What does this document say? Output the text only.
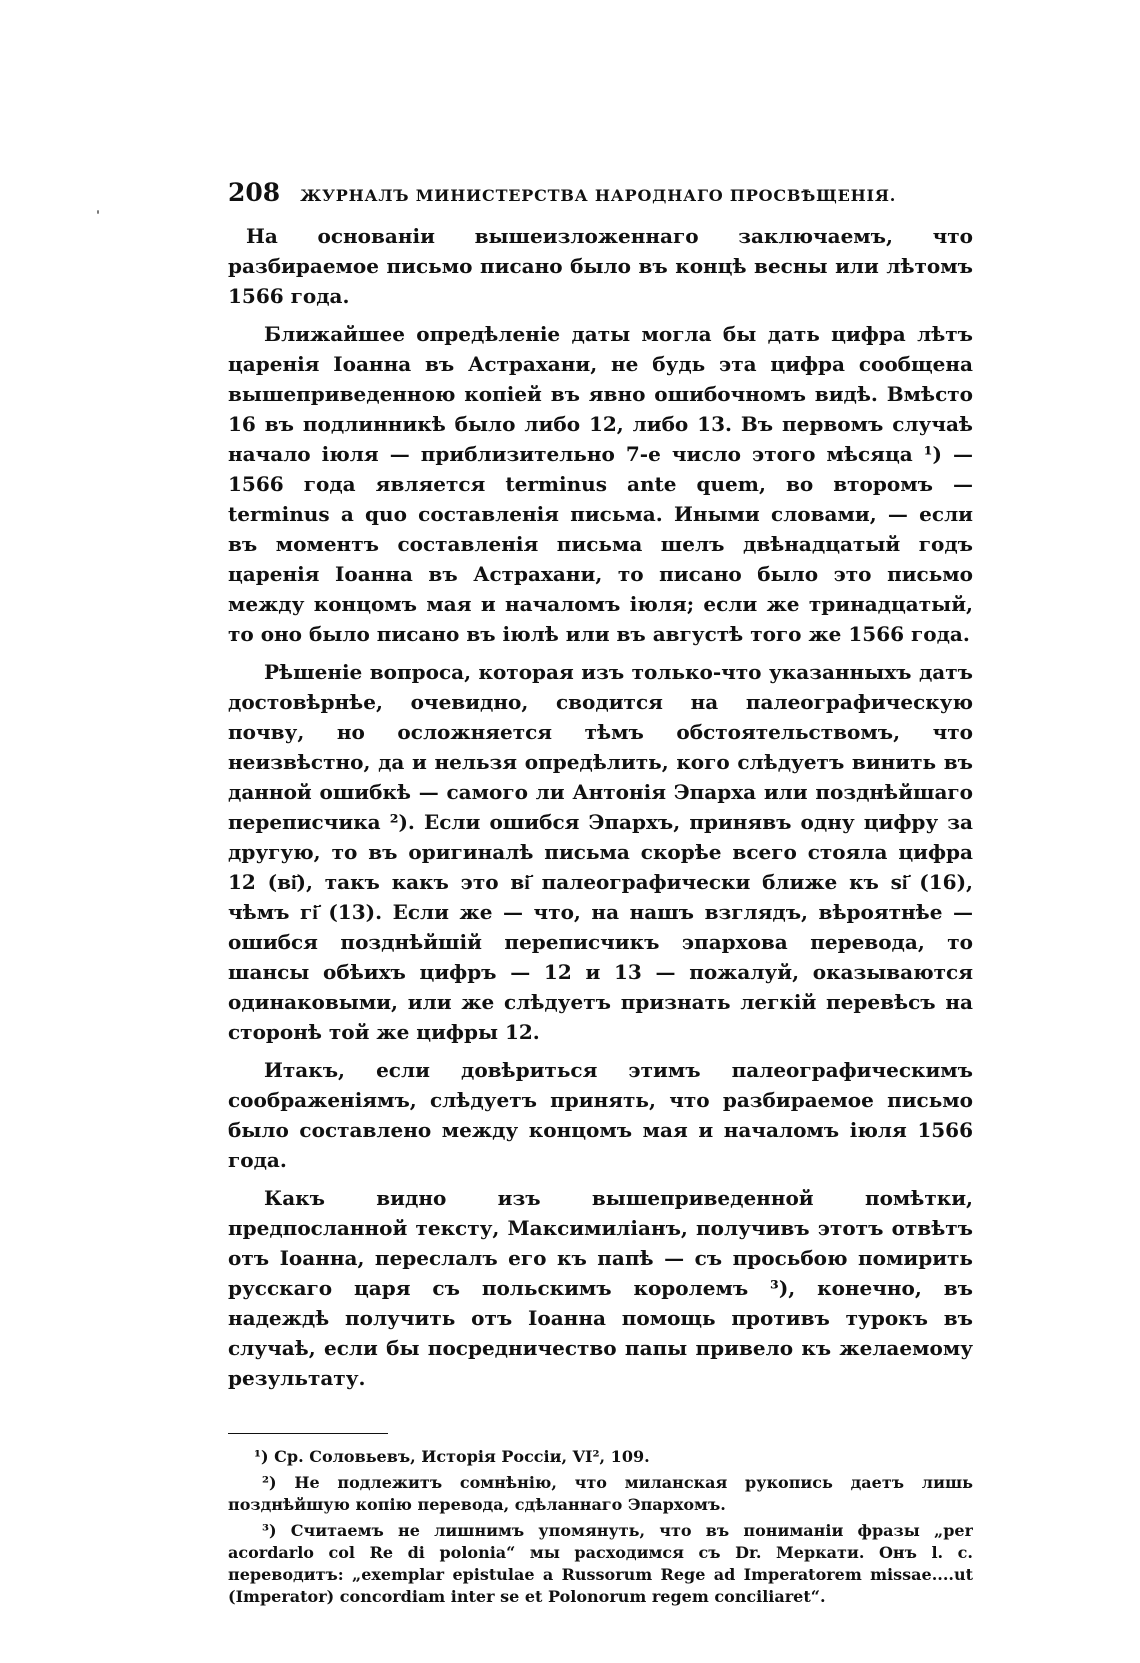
208 ЖУРНАЛЪ МИНИСТЕРСТВА НАРОДНАГО ПРОСВѢЩЕНІЯ.

На основаніи вышеизложеннаго заключаемъ, что разбираемое письмо писано было въ концѣ весны или лѣтомъ 1566 года.

Ближайшее опредѣленіе даты могла бы дать цифра лѣтъ царенія Іоанна въ Астрахани, не будь эта цифра сообщена вышеприведенною копіей въ явно ошибочномъ видѣ. Вмѣсто 16 въ подлинникѣ было либо 12, либо 13. Въ первомъ случаѣ начало іюля — приблизительно 7-е число этого мѣсяца ¹) — 1566 года является terminus ante quem, во второмъ — terminus a quo составленія письма. Иными словами, — если въ моментъ составленія письма шелъ двѣнадцатый годъ царенія Іоанна въ Астрахани, то писано было это письмо между концомъ мая и началомъ іюля; если же тринадцатый, то оно было писано въ іюлѣ или въ августѣ того же 1566 года.

Рѣшеніе вопроса, которая изъ только-что указанныхъ датъ достовѣрнѣе, очевидно, сводится на палеографическую почву, но осложняется тѣмъ обстоятельствомъ, что неизвѣстно, да и нельзя опредѣлить, кого слѣдуетъ винить въ данной ошибкѣ — самого ли Антонія Эпарха или позднѣйшаго переписчика ²). Если ошибся Эпархъ, принявъ одну цифру за другую, то въ оригиналѣ письма скорѣе всего стояла цифра 12 (ві҃), такъ какъ это ві҃ палеографически ближе къ ѕі҃ (16), чѣмъ гі҃ (13). Если же — что, на нашъ взглядъ, вѣроятнѣе — ошибся позднѣйшій переписчикъ эпархова перевода, то шансы обѣихъ цифръ — 12 и 13 — пожалуй, оказываются одинаковыми, или же слѣдуетъ признать легкій перевѣсъ на сторонѣ той же цифры 12.

Итакъ, если довѣриться этимъ палеографическимъ соображеніямъ, слѣдуетъ принять, что разбираемое письмо было составлено между концомъ мая и началомъ іюля 1566 года.

Какъ видно изъ вышеприведенной помѣтки, предпосланной тексту, Максимиліанъ, получивъ этотъ отвѣтъ отъ Іоанна, переслалъ его къ папѣ — съ просьбою помирить русскаго царя съ польскимъ королемъ ³), конечно, въ надеждѣ получить отъ Іоанна помощь противъ турокъ въ случаѣ, если бы посредничество папы привело къ желаемому результату.

¹) Ср. Соловьевъ, Исторія Россіи, VI², 109.

²) Не подлежитъ сомнѣнію, что миланская рукопись даетъ лишь позднѣйшую копію перевода, сдѣланнаго Эпархомъ.

³) Считаемъ не лишнимъ упомянуть, что въ пониманіи фразы „per acordarlo col Re di polonia“ мы расходимся съ Dr. Меркати. Онъ l. c. переводитъ: „exemplar epistulae a Russorum Rege ad Imperatorem missae....ut (Imperator) concordiam inter se et Polonorum regem conciliaret“.
